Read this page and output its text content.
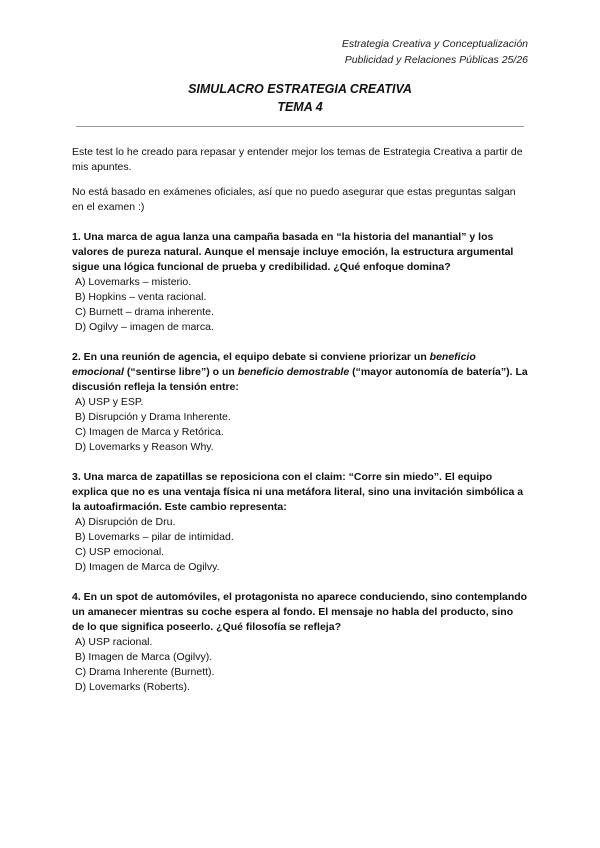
Estrategia Creativa y Conceptualización
Publicidad y Relaciones Públicas 25/26
SIMULACRO ESTRATEGIA CREATIVA
TEMA 4

Este test lo he creado para repasar y entender mejor los temas de Estrategia Creativa a partir de mis apuntes.

No está basado en exámenes oficiales, así que no puedo asegurar que estas preguntas salgan en el examen :)

1. Una marca de agua lanza una campaña basada en “la historia del manantial” y los valores de pureza natural. Aunque el mensaje incluye emoción, la estructura argumental sigue una lógica funcional de prueba y credibilidad. ¿Qué enfoque domina?

A) Lovemarks – misterio.
B) Hopkins – venta racional.
C) Burnett – drama inherente.
D) Ogilvy – imagen de marca.

2. En una reunión de agencia, el equipo debate si conviene priorizar un beneficio emocional (“sentirse libre”) o un beneficio demostrable (“mayor autonomía de batería”). La discusión refleja la tensión entre:

A) USP y ESP.
B) Disrupción y Drama Inherente.
C) Imagen de Marca y Retórica.
D) Lovemarks y Reason Why.

3. Una marca de zapatillas se reposiciona con el claim: “Corre sin miedo”. El equipo explica que no es una ventaja física ni una metáfora literal, sino una invitación simbólica a la autoafirmación. Este cambio representa:

A) Disrupción de Dru.
B) Lovemarks – pilar de intimidad.
C) USP emocional.
D) Imagen de Marca de Ogilvy.

4. En un spot de automóviles, el protagonista no aparece conduciendo, sino contemplando un amanecer mientras su coche espera al fondo. El mensaje no habla del producto, sino de lo que significa poseerlo. ¿Qué filosofía se refleja?

A) USP racional.
B) Imagen de Marca (Ogilvy).
C) Drama Inherente (Burnett).
D) Lovemarks (Roberts).
